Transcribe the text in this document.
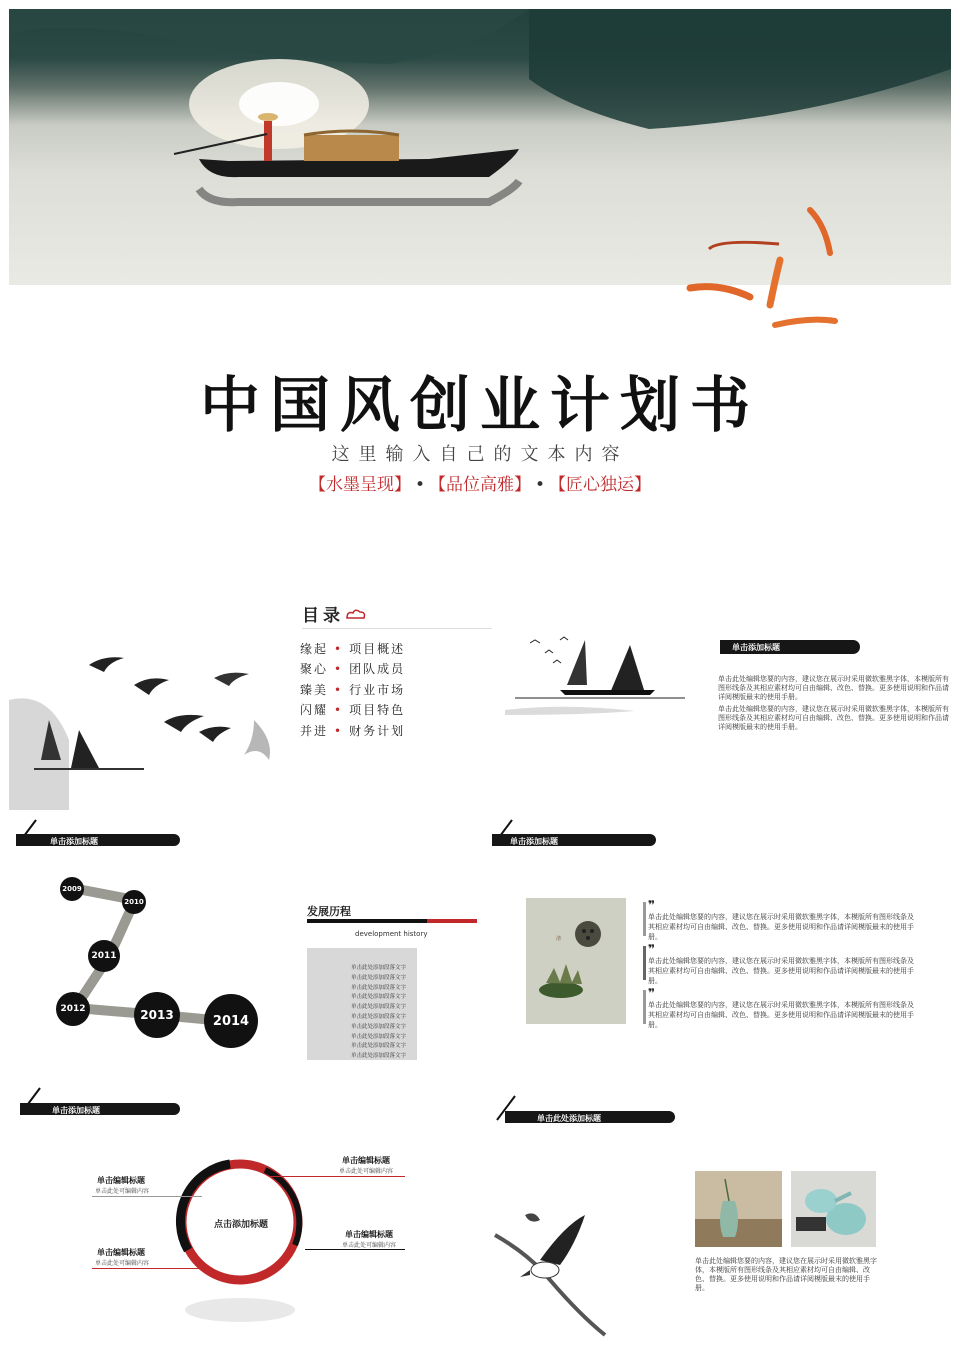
中国风创业计划书
这里输入自己的文本内容
【水墨呈现】 • 【品位高雅】 • 【匠心独运】
目录
缘起 • 项目概述
聚心 • 团队成员
臻美 • 行业市场
闪耀 • 项目特色
并进 • 财务计划
单击添加标题
单击此处编辑您要的内容，建议您在展示时采用微软雅黑字体，本模版所有图形线条及其相应素材均可自由编辑、改色、替换。更多使用说明和作品请详阅模版最末的使用手册。
单击此处编辑您要的内容，建议您在展示时采用微软雅黑字体，本模版所有图形线条及其相应素材均可自由编辑、改色、替换。更多使用说明和作品请详阅模版最末的使用手册。
单击添加标题
2009
2010
2011
2012	2013	2014
发展历程
development history
单击此处添加段落文字
单击此处添加段落文字
单击此处添加段落文字
单击此处添加段落文字
单击此处添加段落文字
单击此处添加段落文字
单击此处添加段落文字
单击此处添加段落文字
单击此处添加段落文字
单击此处添加段落文字
单击添加标题
清
❞
单击此处编辑您要的内容，建议您在展示时采用微软雅黑字体，本模版所有图形线条及其相应素材均可自由编辑、改色、替换。更多使用说明和作品请详阅模版最末的使用手册。
❞
单击此处编辑您要的内容，建议您在展示时采用微软雅黑字体，本模版所有图形线条及其相应素材均可自由编辑、改色、替换。更多使用说明和作品请详阅模版最末的使用手册。
❞
单击此处编辑您要的内容，建议您在展示时采用微软雅黑字体，本模版所有图形线条及其相应素材均可自由编辑、改色、替换。更多使用说明和作品请详阅模版最末的使用手册。
单击添加标题
点击添加标题
单击编辑标题
单击此处可编辑内容
单击编辑标题
单击此处可编辑内容
单击编辑标题
单击此处可编辑内容
单击编辑标题
单击此处可编辑内容
单击此处添加标题
单击此处编辑您要的内容，建议您在展示时采用微软雅黑字体，本模版所有图形线条及其相应素材均可自由编辑、改色、替换。更多使用说明和作品请详阅模版最末的使用手册。
